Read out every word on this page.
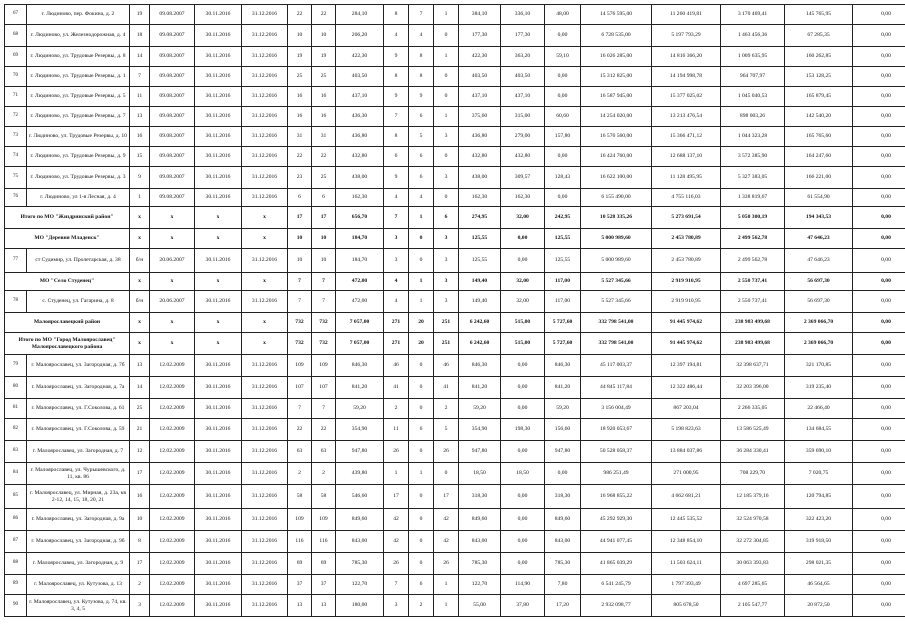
67	г. Людиново, пер. Фокина, д. 2	19	09.08.2007	30.11.2016	31.12.2016	22	22	284,10	8	7	1	384,10	336,10	48,00	14 576 595,00	11 260 419,81	3 170 469,41	145 765,95	0,00
68	г. Людиново, ул. Железнодорожная, д. 4	18	09.08.2007	30.11.2016	31.12.2016	10	10	206,20	4	4	0	177,30	177,30	0,00	6 728 535,00	5 197 793,29	1 463 456,36	67 285,35	0,00
69	г. Людиново, ул. Трудовые Резервы, д. 8	14	09.08.2007	30.11.2016	31.12.2016	19	19	422,30	9	8	1	422,30	363,20	59,10	16 026 285,00	14 816 366,20	1 009 635,95	160 262,85	0,00
70	г. Людиново, ул. Трудовые Резервы, д. 1	7	09.08.2007	30.11.2016	31.12.2016	25	25	403,50	8	8	0	403,50	403,50	0,00	15 312 825,00	14 194 998,78	964 707,97	153 128,25	0,00
71	г. Людиново, ул. Трудовые Резервы, д. 5	11	09.08.2007	30.11.2016	31.12.2016	16	16	437,10	9	9	0	437,10	437,10	0,00	16 587 945,00	15 377 025,02	1 045 040,53	165 879,45	0,00
72	г. Людиново, ул. Трудовые Резервы, д. 7	13	09.08.2007	30.11.2016	31.12.2016	16	16	436,30	7	6	1	375,60	315,00	60,60	14 254 020,00	13 213 476,54	898 003,26	142 540,20	0,00
73	г. Людиново, ул. Трудовые Резервы, д. 10	16	09.08.2007	30.11.2016	31.12.2016	31	31	436,80	8	5	3	436,80	279,00	157,80	16 576 560,00	15 366 471,12	1 044 323,28	165 765,60	0,00
74	г. Людиново, ул. Трудовые Резервы, д. 9	15	09.08.2007	30.11.2016	31.12.2016	22	22	432,80	6	6	0	432,80	432,80	0,00	16 424 760,00	12 688 137,10	3 572 385,90	164 247,60	0,00
75	г. Людиново, ул. Трудовые Резервы, д. 3	9	09.08.2007	30.11.2016	31.12.2016	23	25	438,00	9	6	3	438,00	309,57	128,43	16 622 100,00	11 128 495,95	5 327 383,05	166 221,00	0,00
76	г. Людиново, ул 1-я Лесная, д. 4	1	09.08.2007	30.11.2016	31.12.2016	6	6	162,30	4	4	0	162,30	162,30	0,00	6 155 490,00	4 755 116,03	1 338 819,67	61 554,90	0,00
Итого по МО "Жиздринский район"		х	х	х	х	17	17	656,70	7	1	6	274,95	32,00	242,95	10 528 335,26	5 273 691,54	5 050 300,19	194 343,53	0,00
МО "Деревня Младенск"		х	х	х	х	10	10	184,70	3	0	3	125,55	0,00	125,55	5 000 989,60	2 453 780,89	2 499 562,78	47 646,23	0,00
77	ст Судимир, ул. Пролетарская, д. 38	б/н	20.06.2007	30.11.2016	31.12.2016	10	10	184,70	3	0	3	125,55	0,00	125,55	5 000 989,60	2 453 780,89	2 499 562,78	47 646,23	0,00
МО "Село Студенец"		х	х	х	х	7	7	472,00	4	1	3	149,40	32,00	117,00	5 527 345,66	2 919 910,95	2 550 737,41	56 697,30	0,00
78	с. Студенец, ул. Гагарина, д. 8	б/н	20.06.2007	30.11.2016	31.12.2016	7	7	472,00	4	1	3	149,40	32,00	117,00	5 527 345,66	2 919 910,95	2 550 737,41	56 697,30	0,00
Малоярославецкий район		х	х	х	х	732	732	7 057,00	271	20	251	6 242,60	515,00	5 727,60	332 798 541,00	91 445 974,62	238 983 499,68	2 369 066,70	0,00
Итого по МО "Город Малоярославец" Малоярославецкого района		х	х	х	х	732	732	7 057,00	271	20	251	6 242,60	515,00	5 727,60	332 798 541,00	91 445 974,62	238 983 499,68	2 369 066,70	0,00
79	г. Малоярославец, ул. Загородная, д. 7б	13	12.02.2009	30.11.2016	31.12.2016	109	109	846,30	46	0	46	846,30	0,00	846,30	45 117 003,37	12 397 194,81	32 398 637,71	321 170,85	0,00
80	г. Малоярославец, ул. Загородная, д. 7а	14	12.02.2009	30.11.2016	31.12.2016	107	107	841,20	41	0	41	841,20	0,00	841,20	44 845 117,84	12 322 486,44	32 203 396,00	319 235,40	0,00
81	г. Малоярославец, ул. Г.Соколова, д. 61	25	12.02.2009	30.11.2016	31.12.2016	7	7	59,20	2	0	2	59,20	0,00	59,20	3 156 004,49	867 203,04	2 266 335,05	22 466,40	0,00
82	г. Малоярославец, ул. Г.Соколова, д. 59	21	12.02.2009	30.11.2016	31.12.2016	22	22	354,90	11	6	5	354,90	198,30	156,60	18 920 053,67	5 198 823,63	13 586 525,49	134 684,55	0,00
83	г. Малоярославец, ул. Загородная, д. 7	12	12.02.2009	30.11.2016	31.12.2016	63	63	947,80	26	0	26	947,80	0,00	947,80	50 528 058,37	13 884 037,86	36 284 330,41	359 690,10	0,00
84	г. Малоярославец, ул. Чурышевского, д. 11, кв. 86	17	12.02.2009	30.11.2016	31.12.2016	2	2	439,80	1	1	0	18,50	18,50	0,00	986 251,49	271 000,95	708 229,70	7 020,75	0,00
85	г. Малоярославец, ул. Мирная, д. 23а, кв 2-12, 14, 15, 18, 20, 21	16	12.02.2009	30.11.2016	31.12.2016	58	58	546,60	17	0	17	318,30	0,00	318,30	16 968 855,22	4 662 681,21	12 185 379,16	120 794,85	0,00
86	г. Малоярославец, ул. Загородная, д. 9а	10	12.02.2009	30.11.2016	31.12.2016	109	109	849,60	42	0	42	849,60	0,00	849,60	45 292 929,30	12 445 535,52	32 524 970,58	322 423,20	0,00
87	г. Малоярославец, ул. Загородная, д. 9б	8	12.02.2009	30.11.2016	31.12.2016	116	116	843,00	42	0	42	843,00	0,00	843,00	44 941 077,45	12 348 854,10	32 272 304,85	319 918,50	0,00
88	г. Малоярославец, ул. Загородная, д. 9	17	12.02.2009	30.11.2016	31.12.2016	69	69	785,30	26	0	26	785,30	0,00	785,30	41 865 039,29	11 503 624,11	30 063 393,83	298 021,35	0,00
89	г. Малоярославец, ул. Кутузова, д. 13	2	12.02.2009	30.11.2016	31.12.2016	37	37	122,70	7	6	1	122,70	114,90	7,80	6 541 245,79	1 797 393,49	4 697 285,65	46 564,65	0,00
90	г. Малоярославец, ул. Кутузова, д. 74, кв. 3, 4, 5	3	12.02.2009	30.11.2016	31.12.2016	13	13	180,00	3	2	1	55,00	37,80	17,20	2 932 098,77	805 678,50	2 105 547,77	20 872,50	0,00
